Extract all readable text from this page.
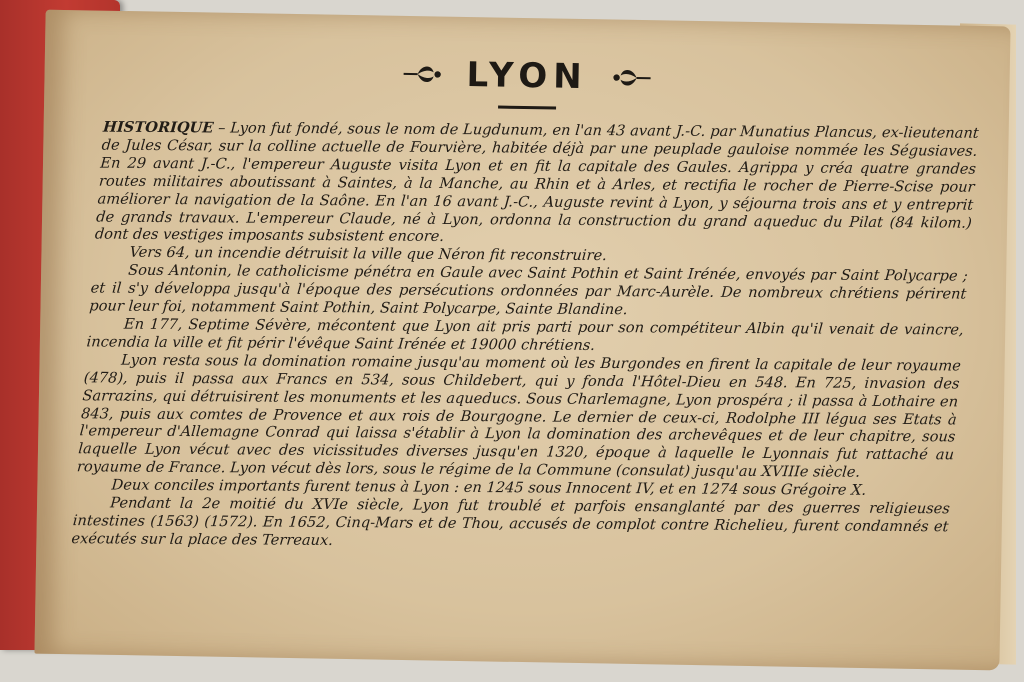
LYON

HISTORIQUE – Lyon fut fondé, sous le nom de Lugdunum, en l'an 43 avant J.-C. par Munatius Plancus, ex-lieutenant de Jules César, sur la colline actuelle de Fourvière, habitée déjà par une peuplade gauloise nommée les Ségusiaves. En 29 avant J.-C., l'empereur Auguste visita Lyon et en fit la capitale des Gaules. Agrippa y créa quatre grandes routes militaires aboutissant à Saintes, à la Manche, au Rhin et à Arles, et rectifia le rocher de Pierre-Scise pour améliorer la navigation de la Saône. En l'an 16 avant J.-C., Auguste revint à Lyon, y séjourna trois ans et y entreprit de grands travaux. L'empereur Claude, né à Lyon, ordonna la construction du grand aqueduc du Pilat (84 kilom.) dont des vestiges imposants subsistent encore.

Vers 64, un incendie détruisit la ville que Néron fit reconstruire.

Sous Antonin, le catholicisme pénétra en Gaule avec Saint Pothin et Saint Irénée, envoyés par Saint Polycarpe ; et il s'y développa jusqu'à l'époque des persécutions ordonnées par Marc-Aurèle. De nombreux chrétiens périrent pour leur foi, notamment Saint Pothin, Saint Polycarpe, Sainte Blandine.

En 177, Septime Sévère, mécontent que Lyon ait pris parti pour son compétiteur Albin qu'il venait de vaincre, incendia la ville et fit périr l'évêque Saint Irénée et 19000 chrétiens.

Lyon resta sous la domination romaine jusqu'au moment où les Burgondes en firent la capitale de leur royaume (478), puis il passa aux Francs en 534, sous Childebert, qui y fonda l'Hôtel-Dieu en 548. En 725, invasion des Sarrazins, qui détruisirent les monuments et les aqueducs. Sous Charlemagne, Lyon prospéra ; il passa à Lothaire en 843, puis aux comtes de Provence et aux rois de Bourgogne. Le dernier de ceux-ci, Rodolphe III légua ses Etats à l'empereur d'Allemagne Conrad qui laissa s'établir à Lyon la domination des archevêques et de leur chapitre, sous laquelle Lyon vécut avec des vicissitudes diverses jusqu'en 1320, époque à laquelle le Lyonnais fut rattaché au royaume de France. Lyon vécut dès lors, sous le régime de la Commune (consulat) jusqu'au XVIIIe siècle.

Deux conciles importants furent tenus à Lyon : en 1245 sous Innocent IV, et en 1274 sous Grégoire X.

Pendant la 2e moitié du XVIe siècle, Lyon fut troublé et parfois ensanglanté par des guerres religieuses intestines (1563) (1572). En 1652, Cinq-Mars et de Thou, accusés de complot contre Richelieu, furent condamnés et exécutés sur la place des Terreaux.
